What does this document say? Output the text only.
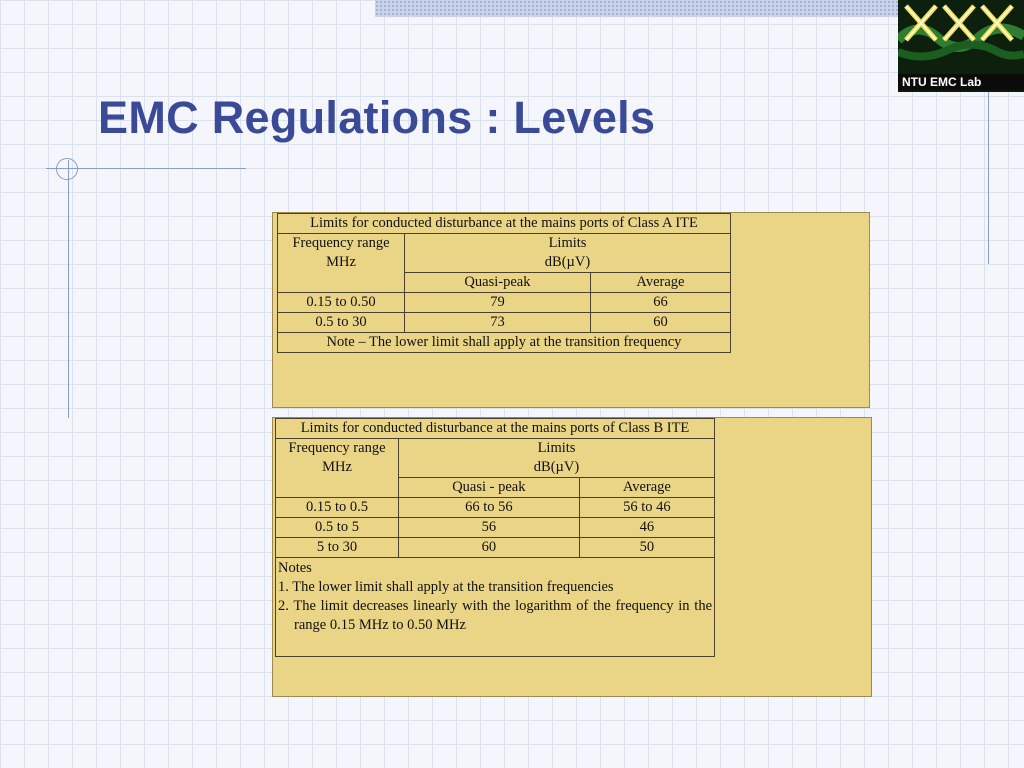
NTU EMC Lab
EMC Regulations : Levels
Limits for conducted disturbance at the mains ports of Class A ITE		
Frequency range MHz	Limits
dB(µV)	
	Quasi-peak	Average
0.15 to 0.50	79	66
0.5 to 30	73	60
Note – The lower limit shall apply at the transition frequency		
Limits for conducted disturbance at the mains ports of Class B ITE		
Frequency range MHz	Limits
dB(µV)	
	Quasi - peak	Average
0.15 to 0.5	66 to 56	56 to 46
0.5 to 5	56	46
5 to 30	60	50

Notes
1. The lower limit shall apply at the transition frequencies
2. The limit decreases linearly with the logarithm of the frequency in the range 0.15 MHz to 0.50 MHz		
